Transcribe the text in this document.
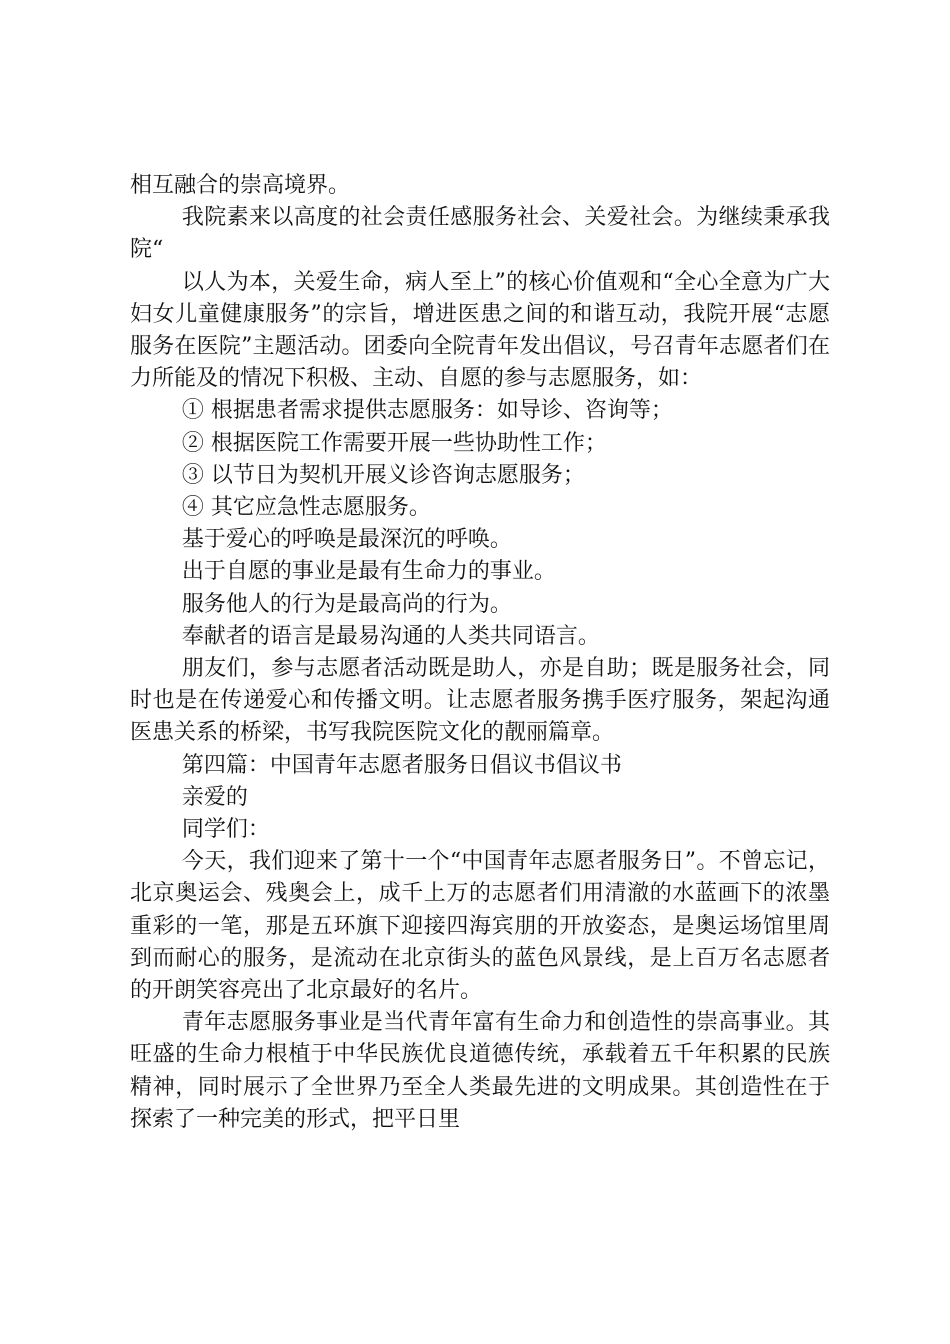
相互融合的崇高境界。

我院素来以高度的社会责任感服务社会、关爱社会。为继续秉承我院“

以人为本，关爱生命，病人至上”的核心价值观和“全心全意为广大妇女儿童健康服务”的宗旨，增进医患之间的和谐互动，我院开展“志愿服务在医院”主题活动。团委向全院青年发出倡议，号召青年志愿者们在力所能及的情况下积极、主动、自愿的参与志愿服务，如：

① 根据患者需求提供志愿服务：如导诊、咨询等；

② 根据医院工作需要开展一些协助性工作；

③ 以节日为契机开展义诊咨询志愿服务；

④ 其它应急性志愿服务。

基于爱心的呼唤是最深沉的呼唤。

出于自愿的事业是最有生命力的事业。

服务他人的行为是最高尚的行为。

奉献者的语言是最易沟通的人类共同语言。

朋友们，参与志愿者活动既是助人，亦是自助；既是服务社会，同时也是在传递爱心和传播文明。让志愿者服务携手医疗服务，架起沟通医患关系的桥梁，书写我院医院文化的靓丽篇章。

第四篇：中国青年志愿者服务日倡议书倡议书

亲爱的

同学们：

今天，我们迎来了第十一个“中国青年志愿者服务日”。不曾忘记，北京奥运会、残奥会上，成千上万的志愿者们用清澈的水蓝画下的浓墨重彩的一笔，那是五环旗下迎接四海宾朋的开放姿态，是奥运场馆里周到而耐心的服务，是流动在北京街头的蓝色风景线，是上百万名志愿者的开朗笑容亮出了北京最好的名片。

青年志愿服务事业是当代青年富有生命力和创造性的崇高事业。其旺盛的生命力根植于中华民族优良道德传统，承载着五千年积累的民族精神，同时展示了全世界乃至全人类最先进的文明成果。其创造性在于探索了一种完美的形式，把平日里
